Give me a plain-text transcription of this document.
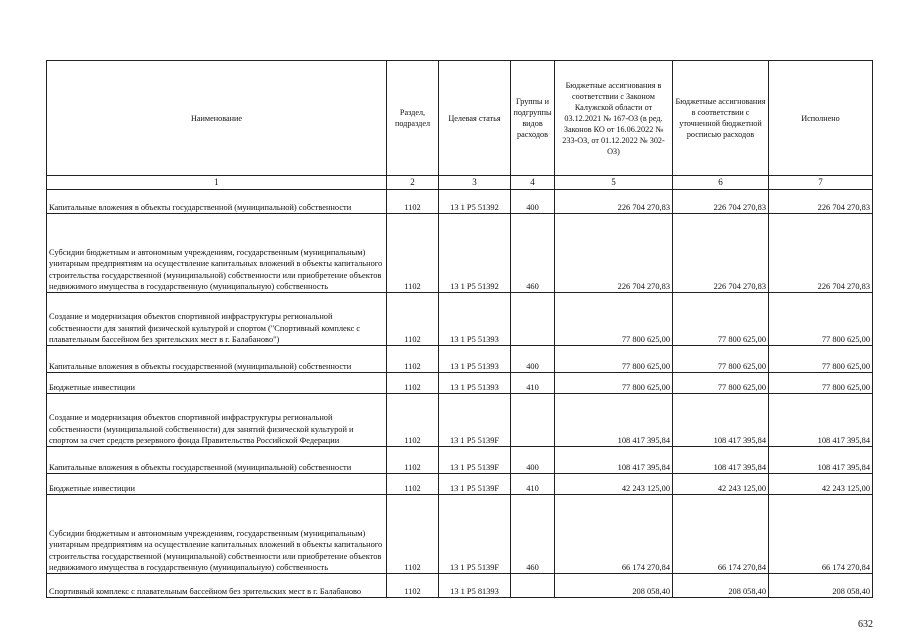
Наименование	Раздел, подраздел	Целевая статья	Группы и подгруппы видов расходов	Бюджетные ассигнования в соответствии с Законом Калужской области от 03.12.2021 № 167-ОЗ (в ред. Законов КО от 16.06.2022 № 233-ОЗ, от 01.12.2022 № 302-ОЗ)	Бюджетные ассигнования в соответствии с уточненной бюджетной росписью расходов	Исполнено
1	2	3	4	5	6	7
Капитальные вложения в объекты государственной (муниципальной) собственности	1102	13 1 Р5 51392	400	226 704 270,83	226 704 270,83	226 704 270,83
Субсидии бюджетным и автономным учреждениям, государственным (муниципальным) унитарным предприятиям на осуществление капитальных вложений в объекты капитального строительства государственной (муниципальной) собственности или приобретение объектов недвижимого имущества в государственную (муниципальную) собственность	1102	13 1 Р5 51392	460	226 704 270,83	226 704 270,83	226 704 270,83
Создание и модернизация объектов спортивной инфраструктуры региональной собственности для занятий физической культурой и спортом ("Спортивный комплекс с плавательным бассейном без зрительских мест в г. Балабаново")	1102	13 1 Р5 51393		77 800 625,00	77 800 625,00	77 800 625,00
Капитальные вложения в объекты государственной (муниципальной) собственности	1102	13 1 Р5 51393	400	77 800 625,00	77 800 625,00	77 800 625,00
Бюджетные инвестиции	1102	13 1 Р5 51393	410	77 800 625,00	77 800 625,00	77 800 625,00
Создание и модернизация объектов спортивной инфраструктуры региональной собственности (муниципальной собственности) для занятий физической культурой и спортом за счет средств резервного фонда Правительства Российской Федерации	1102	13 1 Р5 5139F		108 417 395,84	108 417 395,84	108 417 395,84
Капитальные вложения в объекты государственной (муниципальной) собственности	1102	13 1 Р5 5139F	400	108 417 395,84	108 417 395,84	108 417 395,84
Бюджетные инвестиции	1102	13 1 Р5 5139F	410	42 243 125,00	42 243 125,00	42 243 125,00
Субсидии бюджетным и автономным учреждениям, государственным (муниципальным) унитарным предприятиям на осуществление капитальных вложений в объекты капитального строительства государственной (муниципальной) собственности или приобретение объектов недвижимого имущества в государственную (муниципальную) собственность	1102	13 1 Р5 5139F	460	66 174 270,84	66 174 270,84	66 174 270,84
Спортивный комплекс с плавательным бассейном без зрительских мест в г. Балабаново	1102	13 1 Р5 81393		208 058,40	208 058,40	208 058,40
632
